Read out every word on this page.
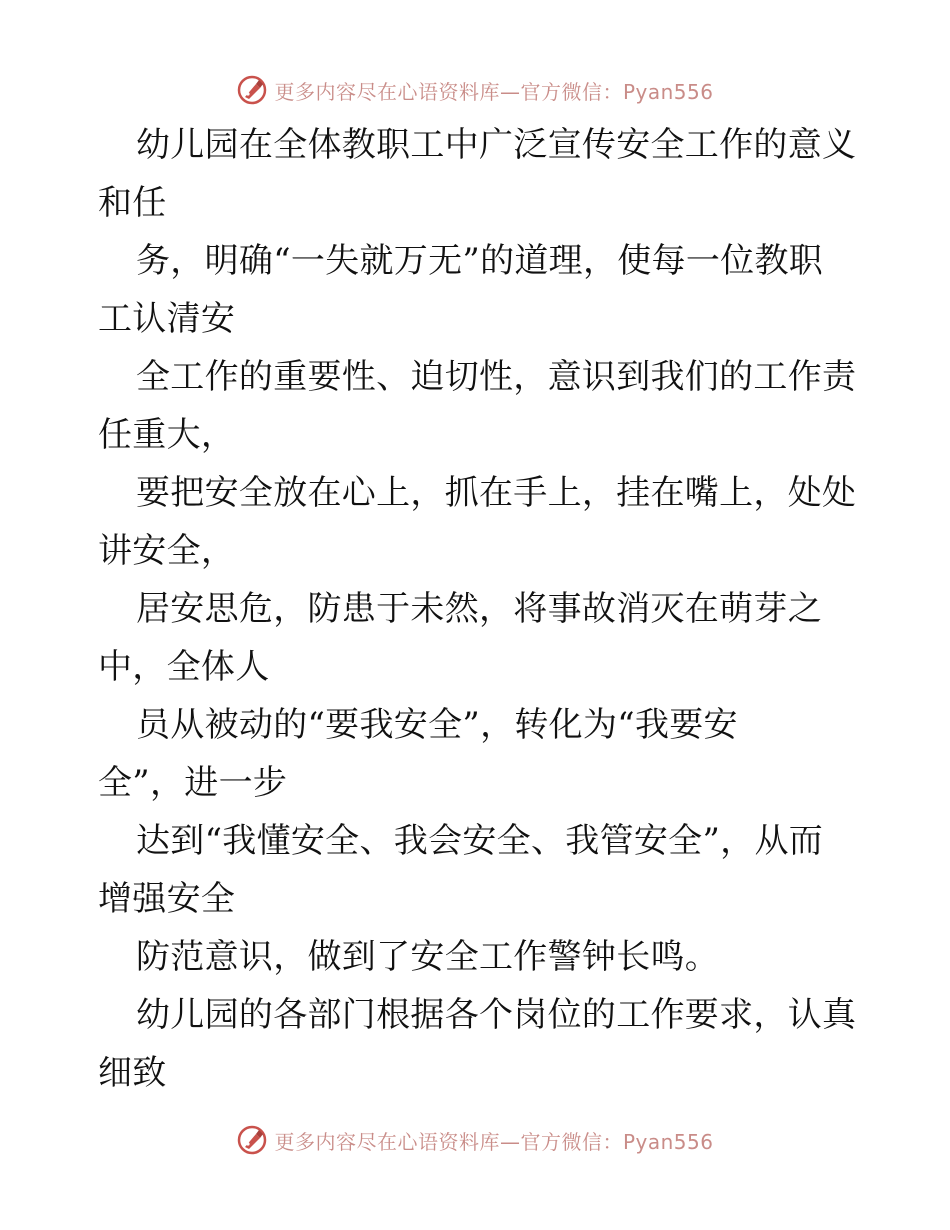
更多内容尽在心语资料库—官方微信：Pyan556
幼儿园在全体教职工中广泛宣传安全工作的意义
和任
务，明确“一失就万无”的道理，使每一位教职
工认清安
全工作的重要性、迫切性，意识到我们的工作责
任重大，
要把安全放在心上，抓在手上，挂在嘴上，处处
讲安全，
居安思危，防患于未然，将事故消灭在萌芽之
中，全体人
员从被动的“要我安全”，转化为“我要安
全”，进一步
达到“我懂安全、我会安全、我管安全”，从而
增强安全
防范意识，做到了安全工作警钟长鸣。
幼儿园的各部门根据各个岗位的工作要求，认真
细致
更多内容尽在心语资料库—官方微信：Pyan556
